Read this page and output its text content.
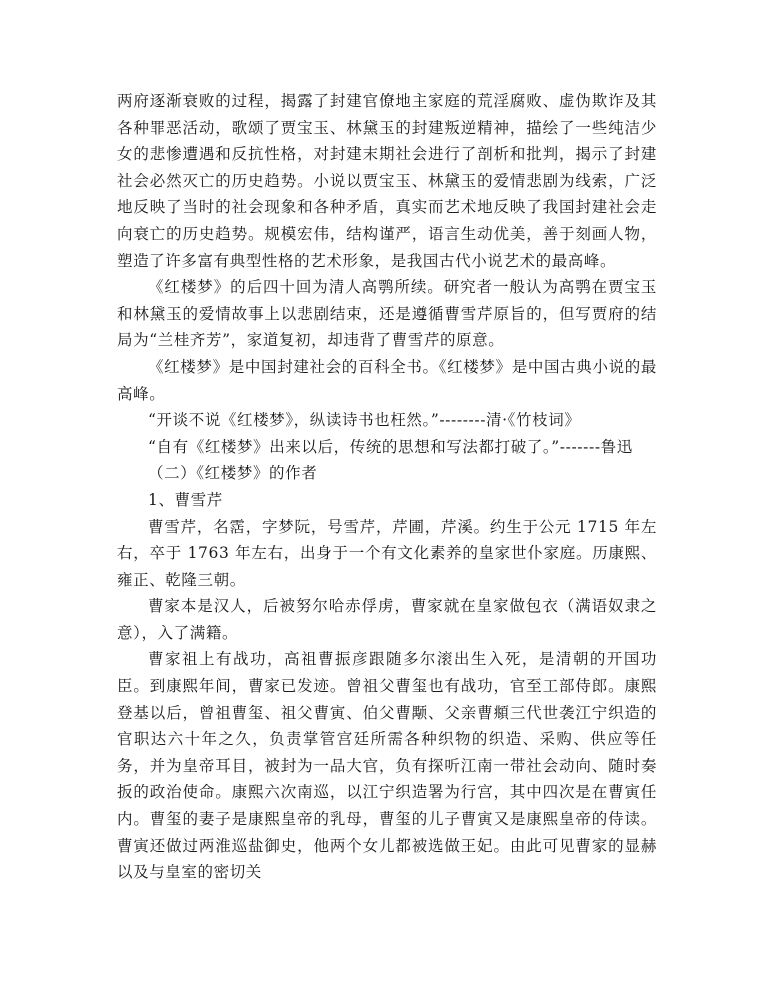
两府逐渐衰败的过程，揭露了封建官僚地主家庭的荒淫腐败、虚伪欺诈及其各种罪恶活动，歌颂了贾宝玉、林黛玉的封建叛逆精神，描绘了一些纯洁少女的悲惨遭遇和反抗性格，对封建末期社会进行了剖析和批判，揭示了封建社会必然灭亡的历史趋势。小说以贾宝玉、林黛玉的爱情悲剧为线索，广泛地反映了当时的社会现象和各种矛盾，真实而艺术地反映了我国封建社会走向衰亡的历史趋势。规模宏伟，结构谨严，语言生动优美，善于刻画人物，塑造了许多富有典型性格的艺术形象，是我国古代小说艺术的最高峰。

《红楼梦》的后四十回为清人高鹗所续。研究者一般认为高鹗在贾宝玉和林黛玉的爱情故事上以悲剧结束，还是遵循曹雪芹原旨的，但写贾府的结局为“兰桂齐芳”，家道复初，却违背了曹雪芹的原意。

《红楼梦》是中国封建社会的百科全书。《红楼梦》是中国古典小说的最高峰。

“开谈不说《红楼梦》，纵读诗书也枉然。”--------清·《竹枝词》

“自有《红楼梦》出来以后，传统的思想和写法都打破了。”-------鲁迅

（二）《红楼梦》的作者

1、曹雪芹

曹雪芹，名霑，字梦阮，号雪芹，芹圃，芹溪。约生于公元 1715 年左右，卒于 1763 年左右，出身于一个有文化素养的皇家世仆家庭。历康熙、雍正、乾隆三朝。

曹家本是汉人，后被努尔哈赤俘虏，曹家就在皇家做包衣（满语奴隶之意），入了满籍。

曹家祖上有战功，高祖曹振彦跟随多尔滚出生入死，是清朝的开国功臣。到康熙年间，曹家已发迹。曾祖父曹玺也有战功，官至工部侍郎。康熙登基以后，曾祖曹玺、祖父曹寅、伯父曹颙、父亲曹頫三代世袭江宁织造的官职达六十年之久，负责掌管宫廷所需各种织物的织造、采购、供应等任务，并为皇帝耳目，被封为一品大官，负有探听江南一带社会动向、随时奏扳的政治使命。康熙六次南巡，以江宁织造署为行宫，其中四次是在曹寅任内。曹玺的妻子是康熙皇帝的乳母，曹玺的儿子曹寅又是康熙皇帝的侍读。曹寅还做过两淮巡盐御史，他两个女儿都被选做王妃。由此可见曹家的显赫以及与皇室的密切关
